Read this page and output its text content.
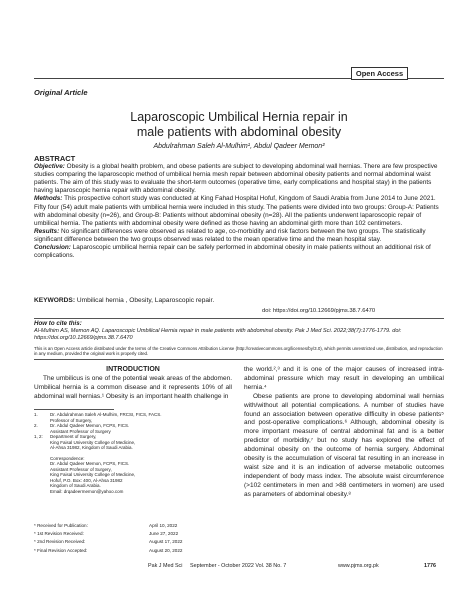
Open Access
Original Article
Laparoscopic Umbilical Hernia repair in
male patients with abdominal obesity
Abdulrahman Saleh Al-Mulhim¹, Abdul Qadeer Memon²

ABSTRACT

Objective: Obesity is a global health problem, and obese patients are subject to developing abdominal wall hernias. There are few prospective studies comparing the laparoscopic method of umbilical hernia mesh repair between abdominal obesity patients and normal abdominal waist patients. The aim of this study was to evaluate the short-term outcomes (operative time, early complications and hospital stay) in the patients having laparoscopic hernia repair with abdominal obesity.

Methods: This prospective cohort study was conducted at King Fahad Hospital Hofuf, Kingdom of Saudi Arabia from June 2014 to June 2021. Fifty four (54) adult male patients with umbilical hernia were included in this study. The patients were divided into two groups: Group-A: Patients with abdominal obesity (n=26), and Group-B: Patients without abdominal obesity (n=28). All the patients underwent laparoscopic repair of umbilical hernia. The patients with abdominal obesity were defined as those having an abdominal girth more than 102 centimeters.

Results: No significant differences were observed as related to age, co-morbidity and risk factors between the two groups. The statistically significant difference between the two groups observed was related to the mean operative time and the mean hospital stay.

Conclusion: Laparoscopic umbilical hernia repair can be safely performed in abdominal obesity in male patients without an additional risk of complications.

KEYWORDS: Umbilical hernia , Obesity, Laparoscopic repair.
doi: https://doi.org/10.12669/pjms.38.7.6470
How to cite this:
Al-Mulhim AS, Memon AQ. Laparoscopic Umbilical Hernia repair in male patients with abdominal obesity. Pak J Med Sci. 2022;38(7):1776-1779. doi: https://doi.org/10.12669/pjms.38.7.6470
This is an Open Access article distributed under the terms of the Creative Commons Attribution License (http://creativecommons.org/licenses/by/3.0), which permits unrestricted use, distribution, and reproduction in any medium, provided the original work is properly cited.

INTRODUCTION

The umbilicus is one of the potential weak areas of the abdomen. Umbilical hernia is a common disease and it represents 10% of all abdominal wall hernias.¹ Obesity is an important health challenge in

1.	Dr. Abdulrahman Saleh Al-Mulhim, FRCSI, FICS, FACS.
Professor of Surgery,
2.	Dr. Abdul Qadeer Memon, FCPS, FICS.
Assistant Professor of Surgery
1, 2:	Department of Surgery,
King Faisal University College of Medicine,
Al-Ahsa 31982, Kingdom of Saudi Arabia.
Correspondence:
Dr. Abdul Qadeer Memon, FCPS, FICS.
Assistant Professor of Surgery,
King Faisal University College of Medicine,
Hofuf, P.O. Box: 400, Al-Ahsa 31982
Kingdom of Saudi Arabia.
Email: drqadeermemon@yahoo.com
* Received for Publication:	April 10, 2022
* 1st Revision Received:	June 27, 2022
* 2nd Revision Received:	August 17, 2022
* Final Revision Accepted:	August 20, 2022

the world.²,³ and it is one of the major causes of increased intra-abdominal pressure which may result in developing an umbilical hernia.⁴

Obese patients are prone to developing abdominal wall hernias with/without all potential complications. A number of studies have found an association between operative difficulty in obese patients⁵ and post-operative complications.⁶ Although, abdominal obesity is more important measure of central abdominal fat and is a better predictor of morbidity,⁷ but no study has explored the effect of abdominal obesity on the outcome of hernia surgery. Abdominal obesity is the accumulation of visceral fat resulting in an increase in waist size and it is an indication of adverse metabolic outcomes independent of body mass index. The absolute waist circumference (>102 centimeters in men and >88 centimeters in women) are used as parameters of abdominal obesity.⁸

Pak J Med Sci September - October 2022 Vol. 38 No. 7	www.pjms.org.pk	1776
